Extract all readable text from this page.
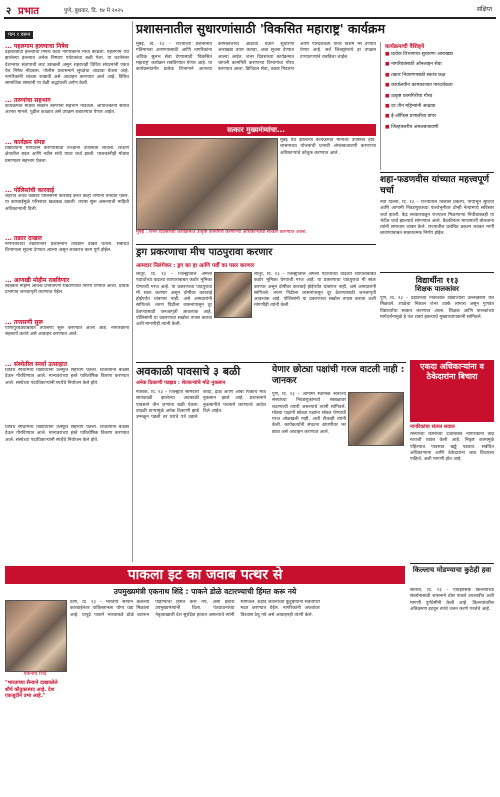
२ प्रभात	पुणे, बुधवार, दि. १४ मे २०२५	संक्षिप्त
पान १ वरून
... पहलगाम हल्ल्याचा निषेध
दहशतवादी हल्ल्याचा निषेध करत नागरिकांनी मोर्चा काढला. पहलगाम येथे झालेल्या हल्ल्यात अनेक निष्पाप पर्यटकांचा बळी गेला. या घटनेनंतर देशभरात संतापाची लाट उसळली असून शहरातही विविध संघटनांनी एकत्र येत निषेध नोंदवला. पोलीस प्रशासनाने सुरक्षेचा आढावा घेतला आहे. नागरिकांनी शांतता राखावी असे आवाहन करण्यात आले आहे. विविध सामाजिक संस्थांनी या वेळी श्रद्धांजली अर्पण केली.
... तरुणांचा सहभाग
कार्यक्रमात मोठ्या संख्येने तरुणांनी सहभाग नोंदवला. आयोजकांनी सर्वांचे आभार मानले. पुढील काळात असे उपक्रम राबवण्यात येणार आहेत.
... कार्यक्रम संपन्न
विद्यार्थ्यांना मार्गदर्शन करण्यासाठी तज्ज्ञांनी उपस्थिती लावली. शिक्षण क्षेत्रातील बदल आणि नवीन संधी यावर चर्चा झाली. पालकांनीही मोठ्या प्रमाणावर सहभाग घेतला.
... पोलिसांची कारवाई
शहरात अवैध धंद्यांवर पोलिसांनी कारवाई करत काही जणांना ताब्यात घेतले. या कारवाईमुळे परिसरात खळबळ उडाली. तपास सुरू असल्याची माहिती अधिकाऱ्यांनी दिली.
... तक्रार दाखल
नागरिकांच्या तक्रारीनंतर प्रशासनाने तातडीने दखल घेतली. संबंधित विभागाला सूचना देण्यात आल्या असून लवकरच काम पूर्ण होईल.
... आणखी मोहीम राबविणार
स्वच्छता मोहीम अधिक प्रभावीपणे राबवण्याचा निर्णय घेण्यात आला. प्रत्येक प्रभागात जनजागृती करण्यात येईल.
... तपासणी सुरू
पाणीपुरवठ्याबाबत तपासणी सुरू करण्यात आली आहे. नागरिकांनी सहकार्य करावे असे आवाहन करण्यात आले.
... संस्थेतील स्पर्धा उत्साहात
विविध स्पर्धांमध्ये विद्यार्थ्यांनी उत्स्फूर्त सहभाग घेतला. विजेत्यांना बक्षिसे देऊन गौरविण्यात आले. मान्यवरांच्या हस्ते पारितोषिक वितरण करण्यात आले. संस्थेच्या पदाधिकाऱ्यांनी स्पर्धेचे नियोजन केले होते.
प्रशासनातील सुधारणांसाठी 'विकसित महाराष्ट्र' कार्यक्रम
मुंबई, दि. १३ – राज्याच्या प्रशासनात गतिमानता आणण्यासाठी आणि नागरिकांना अधिक सुलभ सेवा देण्यासाठी 'विकसित महाराष्ट्र' कार्यक्रम राबविण्यात येणार आहे. या कार्यक्रमांतर्गत प्रत्येक विभागाने आपल्या कामकाजाचा आढावा घेऊन सुधारणा आराखडा तयार करावा, अशा सूचना देण्यात आल्या आहेत. शंभर दिवसांच्या कार्यक्रमात चांगली कामगिरी करणाऱ्या विभागांचा गौरव करण्यात आला. डिजिटल सेवा, तक्रार निवारण आणि पारदर्शकता यावर विशेष भर देण्यात येणार आहे. सर्व जिल्ह्यांमध्ये हा उपक्रम टप्प्याटप्प्याने राबविला जाईल.
कार्यक्रमाची वैशिष्ट्ये
■ प्रत्येक विभागाचा सुधारणा आराखडा
■ नागरिकांसाठी ऑनलाइन सेवा
■ तक्रार निवारणासाठी स्वतंत्र कक्ष
■ कार्यालयीन कामकाजात पारदर्शकता
■ उत्कृष्ट कामगिरीचा गौरव
■ दर तीन महिन्यांनी आढावा
■ ई-ऑफिस प्रणालीचा वापर
■ जिल्हास्तरीय अंमलबजावणी
सत्कार मुख्यमंत्र्यांचा...
मुंबई येथे झालेल्या कार्यक्रमात मान्यवर उपस्थित होते. शासनाच्या योजनांची प्रभावी अंमलबजावणी करणाऱ्या अधिकाऱ्यांचे कौतुक करण्यात आले.
मुंबई : शंभर दिवसांच्या कार्यक्रमात उत्कृष्ट कामगिरी करणाऱ्या अधिकाऱ्यांचा सत्कार करण्यात आला.
शहा-फडणवीस यांच्यात महत्त्वपूर्ण चर्चा
नवी दिल्ली, दि. १३ – राज्यातील विकास प्रकल्प, पायाभूत सुविधा आणि आगामी निवडणुकांच्या पार्श्वभूमीवर दोन्ही नेत्यांमध्ये सविस्तर चर्चा झाली. केंद्र सरकारकडून राज्याला मिळणाऱ्या निधीबाबतही या भेटीत चर्चा झाल्याचे सांगण्यात आले. बैठकीनंतर माध्यमांशी बोलताना त्यांनी समाधान व्यक्त केले. राज्यातील प्रलंबित प्रकल्प लवकर मार्गी लावण्याबाबत सकारात्मक निर्णय होईल.
ड्रग प्रकरणाचा मीच पाठपुरावा करणार
आमदार निलंगेकर : ड्रग का हा आणि पर्वी का पसर करणार
लातूर, दि. १३ – जिल्ह्यातील अमली पदार्थांच्या वाढत्या व्यापाराबाबत कठोर भूमिका घेण्याची गरज आहे. या प्रकरणाचा पाठपुरावा मी स्वतः करणार असून दोषींवर कारवाई होईपर्यंत थांबणार नाही, असे आमदारांनी सांगितले. तरुण पिढीला व्यसनांपासून दूर ठेवण्यासाठी जनजागृती आवश्यक आहे. पोलिसांनी या प्रकरणाचा सखोल तपास करावा अशी मागणीही त्यांनी केली.
लातूर, दि. १३ – जिल्ह्यातील अमली पदार्थांच्या वाढत्या व्यापाराबाबत कठोर भूमिका घेण्याची गरज आहे. या प्रकरणाचा पाठपुरावा मी स्वतः करणार असून दोषींवर कारवाई होईपर्यंत थांबणार नाही, असे आमदारांनी सांगितले. तरुण पिढीला व्यसनांपासून दूर ठेवण्यासाठी जनजागृती आवश्यक आहे. पोलिसांनी या प्रकरणाचा सखोल तपास करावा अशी मागणीही त्यांनी केली.
विद्यार्थीना ११३
शिक्षक पालकांवर
पुणे, दि. १३ – दहावीच्या निकालात विद्यार्थ्यांनी उल्लेखनीय यश मिळवले. शाळेचा निकाल शंभर टक्के लागला असून गुणवंत विद्यार्थ्यांचा सत्कार करण्यात आला. शिक्षक आणि पालकांच्या मार्गदर्शनामुळे हे यश शक्य झाल्याचे मुख्याध्यापकांनी सांगितले.
एकदा अधिकाऱ्यांना व ठेकेदारांना बिचारा
नागरिकांचा संतप्त सवाल
रस्त्यांच्या कामाच्या दर्जाबाबत नागरिकांनी तीव्र नाराजी व्यक्त केली आहे. निकृष्ट कामामुळे पहिल्याच पावसात खड्डे पडतात. संबंधित अधिकाऱ्यांना आणि ठेकेदारांना जाब विचारला पाहिजे, अशी मागणी होत आहे.
अवकाळी पावसाचे ३ बळी
अनेक ठिकाणी पडझड : शेतकऱ्यांचे मोठे नुकसान
नाशिक, दि. १३ – जिल्ह्यात सोमवारी सायंकाळी झालेल्या अवकाळी पावसाने तीन जणांचा बळी घेतला. वादळी वाऱ्यामुळे अनेक ठिकाणी झाडे उन्मळून पडली तर घरांचे पत्रे उडाले. कांदा, द्राक्ष आणि आंबा पिकांचे मोठे नुकसान झाले आहे. प्रशासनाने नुकसानीचे पंचनामे करण्याचे आदेश दिले आहेत.
येणार छोट्या पक्षांची गरज वाटली नाही : जानकर
पुणे, दि. १३ – आगामी स्थानिक स्वराज्य संस्थांच्या निवडणुकांमध्ये स्वबळावर लढण्याची तयारी असल्याचे त्यांनी सांगितले. मोठ्या पक्षांनी छोट्या पक्षांना सोबत घेण्याची गरज ओळखली नाही, अशी टीकाही त्यांनी केली. कार्यकर्त्यांनी संघटना बांधणीवर भर द्यावा असे आवाहन करण्यात आले.
विविध स्पर्धांमध्ये विद्यार्थ्यांनी उत्स्फूर्त सहभाग घेतला. विजेत्यांना बक्षिसे देऊन गौरविण्यात आले. मान्यवरांच्या हस्ते पारितोषिक वितरण करण्यात आले. संस्थेच्या पदाधिकाऱ्यांनी स्पर्धेचे नियोजन केले होते.
किल्लाच मोडण्याचा कुठेही हवा
सातारा, दि. १३ – ऐतिहासिक किल्ल्यांच्या संवर्धनासाठी शासनाने ठोस पावले उचलावीत अशी मागणी दुर्गप्रेमींनी केली आहे. किल्ल्यांवरील अतिक्रमण हटवून त्यांचे जतन करणे गरजेचे आहे.
पाकला इट का जवाब पत्थर से
उपमुख्यमंत्री एकनाथ शिंदे : पाकने डोळे वटारण्याची हिंमत करू नये
एकनाथ शिंदे
"भारताच्या सैन्याने दाखवलेले शौर्य कौतुकास्पद आहे. देश एकजुटीने उभा आहे."
ठाणे, दि. १३ – भारतीय सैन्याने केलेल्या कारवाईनंतर पाकिस्तानला योग्य धडा मिळाला आहे. यापुढे पाकने भारताकडे डोळे वटारून पाहण्याची हिंमत करू नये, असा इशारा उपमुख्यमंत्र्यांनी दिला. पंतप्रधानांच्या नेतृत्वाखाली देश सुरक्षित हातात असल्याचे त्यांनी सांगितले. शहीद जवानांच्या कुटुंबीयांना सर्वतोपरी मदत करण्यात येईल. नागरिकांनी अफवांवर विश्वास ठेवू नये असे आवाहनही त्यांनी केले.
